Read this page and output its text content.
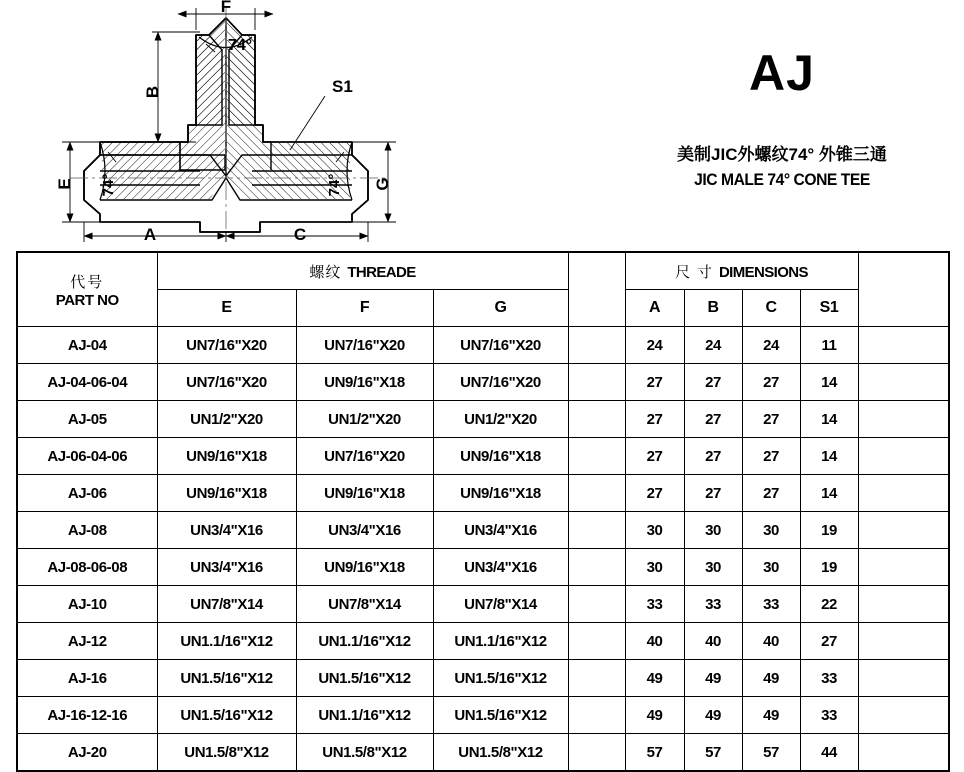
F
B
E	G
A	C
S1
74°
74°	74°
AJ
美制JIC外螺纹74° 外锥三通
JIC MALE 74° CONE TEE
代号
PART NO	螺纹 THREADE				尺 寸 DIMENSIONS				
	E	F	G		A	B	C	S1	
AJ-04	UN7/16"X20	UN7/16"X20	UN7/16"X20		24	24	24	11	
AJ-04-06-04	UN7/16"X20	UN9/16"X18	UN7/16"X20		27	27	27	14	
AJ-05	UN1/2"X20	UN1/2"X20	UN1/2"X20		27	27	27	14	
AJ-06-04-06	UN9/16"X18	UN7/16"X20	UN9/16"X18		27	27	27	14	
AJ-06	UN9/16"X18	UN9/16"X18	UN9/16"X18		27	27	27	14	
AJ-08	UN3/4"X16	UN3/4"X16	UN3/4"X16		30	30	30	19	
AJ-08-06-08	UN3/4"X16	UN9/16"X18	UN3/4"X16		30	30	30	19	
AJ-10	UN7/8"X14	UN7/8"X14	UN7/8"X14		33	33	33	22	
AJ-12	UN1.1/16"X12	UN1.1/16"X12	UN1.1/16"X12		40	40	40	27	
AJ-16	UN1.5/16"X12	UN1.5/16"X12	UN1.5/16"X12		49	49	49	33	
AJ-16-12-16	UN1.5/16"X12	UN1.1/16"X12	UN1.5/16"X12		49	49	49	33	
AJ-20	UN1.5/8"X12	UN1.5/8"X12	UN1.5/8"X12		57	57	57	44	
